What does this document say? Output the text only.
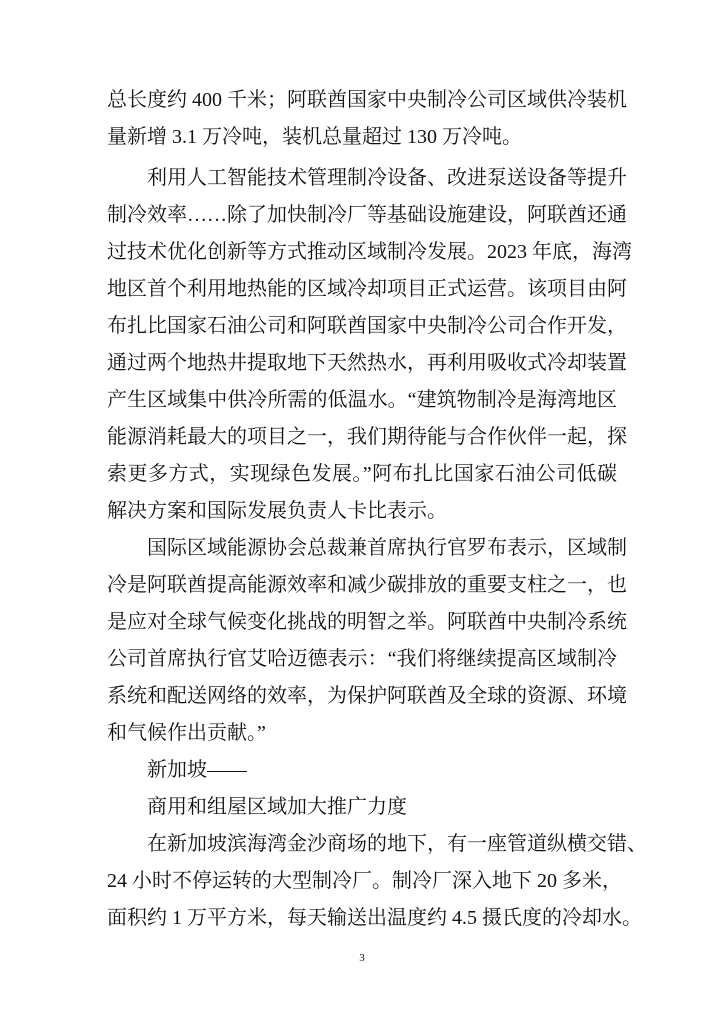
总长度约 400 千米；阿联酋国家中央制冷公司区域供冷装机
量新增 3.1 万冷吨，装机总量超过 130 万冷吨。
利用人工智能技术管理制冷设备、改进泵送设备等提升
制冷效率……除了加快制冷厂等基础设施建设，阿联酋还通
过技术优化创新等方式推动区域制冷发展。2023 年底，海湾
地区首个利用地热能的区域冷却项目正式运营。该项目由阿
布扎比国家石油公司和阿联酋国家中央制冷公司合作开发，
通过两个地热井提取地下天然热水，再利用吸收式冷却装置
产生区域集中供冷所需的低温水。“建筑物制冷是海湾地区
能源消耗最大的项目之一，我们期待能与合作伙伴一起，探
索更多方式，实现绿色发展。”阿布扎比国家石油公司低碳
解决方案和国际发展负责人卡比表示。
国际区域能源协会总裁兼首席执行官罗布表示，区域制
冷是阿联酋提高能源效率和减少碳排放的重要支柱之一，也
是应对全球气候变化挑战的明智之举。阿联酋中央制冷系统
公司首席执行官艾哈迈德表示：“我们将继续提高区域制冷
系统和配送网络的效率，为保护阿联酋及全球的资源、环境
和气候作出贡献。”
新加坡——
商用和组屋区域加大推广力度
在新加坡滨海湾金沙商场的地下，有一座管道纵横交错、
24 小时不停运转的大型制冷厂。制冷厂深入地下 20 多米，
面积约 1 万平方米，每天输送出温度约 4.5 摄氏度的冷却水。
3
